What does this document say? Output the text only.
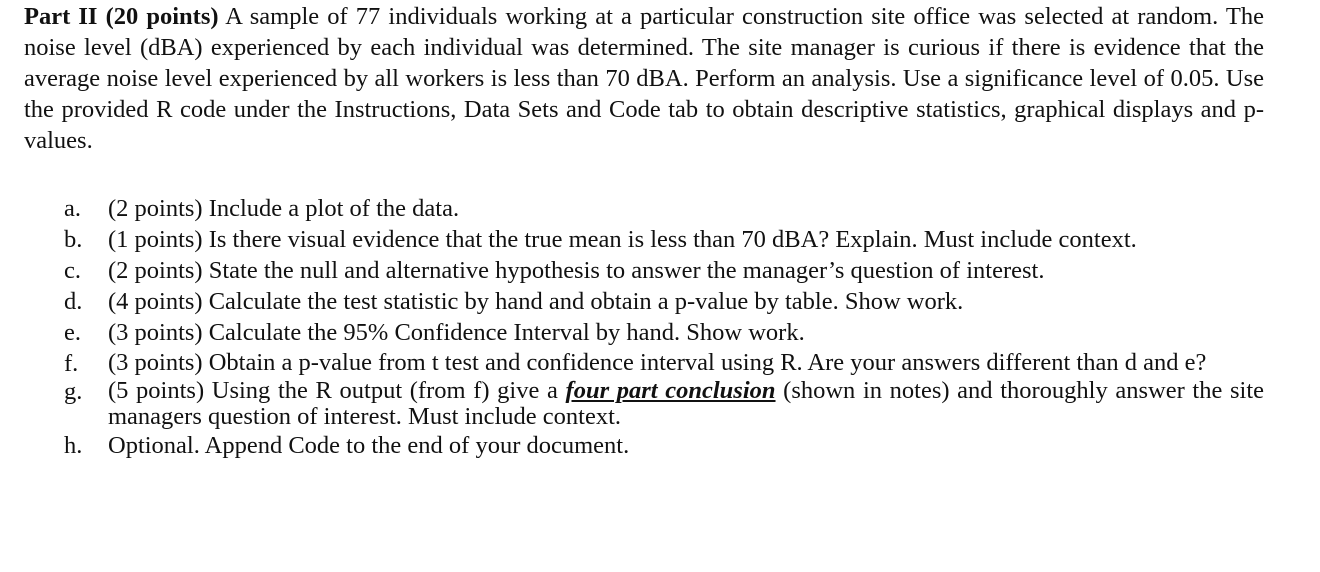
Part II (20 points) A sample of 77 individuals working at a particular construction site office was selected at random. The noise level (dBA) experienced by each individual was determined. The site manager is curious if there is evidence that the average noise level experienced by all workers is less than 70 dBA. Perform an analysis. Use a significance level of 0.05. Use the provided R code under the Instructions, Data Sets and Code tab to obtain descriptive statistics, graphical displays and p-values.

a. (2 points) Include a plot of the data.
b. (1 points) Is there visual evidence that the true mean is less than 70 dBA? Explain. Must include context.
c. (2 points) State the null and alternative hypothesis to answer the manager’s question of interest.
d. (4 points) Calculate the test statistic by hand and obtain a p-value by table. Show work.
e. (3 points) Calculate the 95% Confidence Interval by hand. Show work.
f. (3 points) Obtain a p-value from t test and confidence interval using R. Are your answers different than d and e?
g. (5 points) Using the R output (from f) give a four part conclusion (shown in notes) and thoroughly answer the site managers question of interest. Must include context.
h. Optional. Append Code to the end of your document.
